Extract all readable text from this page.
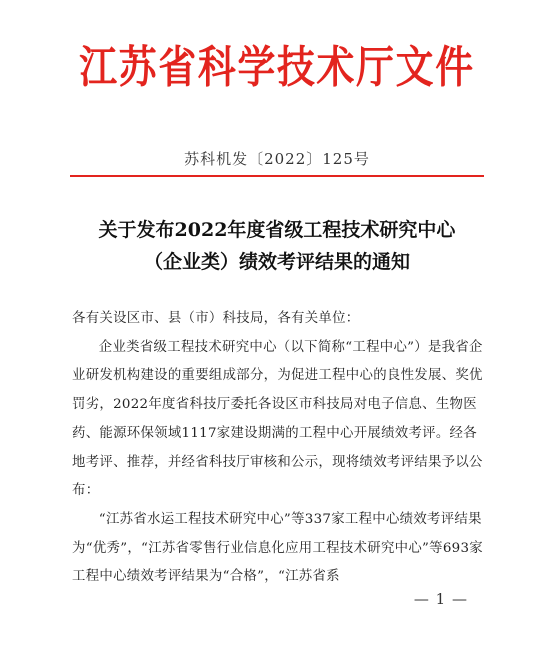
江苏省科学技术厅文件
苏科机发〔2022〕125号
关于发布2022年度省级工程技术研究中心
（企业类）绩效考评结果的通知

各有关设区市、县（市）科技局，各有关单位：

企业类省级工程技术研究中心（以下简称“工程中心”）是我省企业研发机构建设的重要组成部分，为促进工程中心的良性发展、奖优罚劣，2022年度省科技厅委托各设区市科技局对电子信息、生物医药、能源环保领域1117家建设期满的工程中心开展绩效考评。经各地考评、推荐，并经省科技厅审核和公示，现将绩效考评结果予以公布：

“江苏省水运工程技术研究中心”等337家工程中心绩效考评结果为“优秀”，“江苏省零售行业信息化应用工程技术研究中心”等693家工程中心绩效考评结果为“合格”，“江苏省系

— 1 —
